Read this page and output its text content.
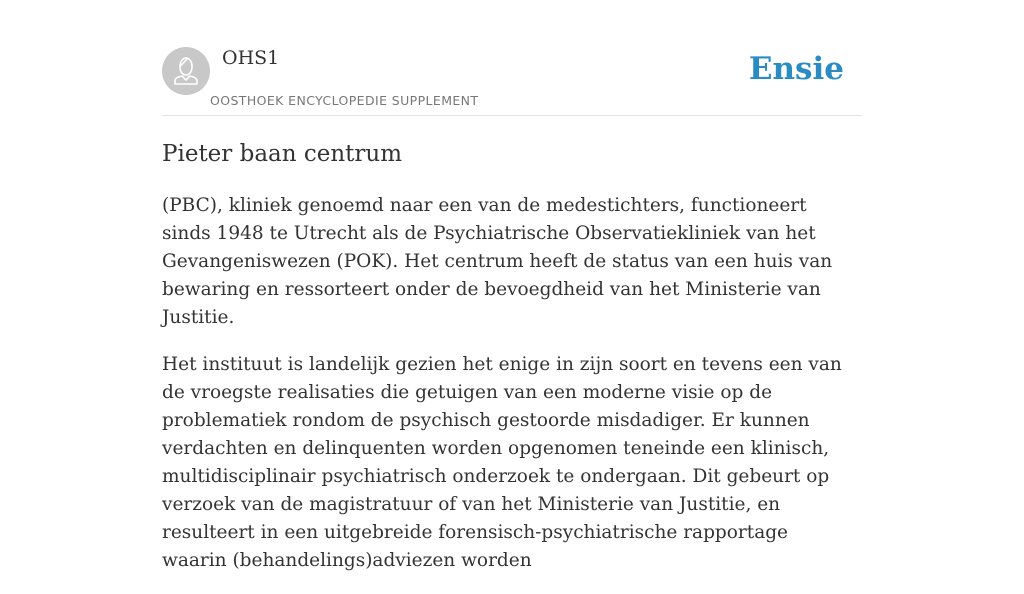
OHS1
OOSTHOEK ENCYCLOPEDIE SUPPLEMENT
Ensie
Pieter baan centrum

(PBC), kliniek genoemd naar een van de medestichters, functioneert sinds 1948 te Utrecht als de Psychiatrische Observatiekliniek van het Gevangeniswezen (POK). Het centrum heeft de status van een huis van bewaring en ressorteert onder de bevoegdheid van het Ministerie van Justitie.

Het instituut is landelijk gezien het enige in zijn soort en tevens een van de vroegste realisaties die getuigen van een moderne visie op de problematiek rondom de psychisch gestoorde misdadiger. Er kunnen verdachten en delinquenten worden opgenomen teneinde een klinisch, multidisciplinair psychiatrisch onderzoek te ondergaan. Dit gebeurt op verzoek van de magistratuur of van het Ministerie van Justitie, en resulteert in een uitgebreide forensisch-psychiatrische rapportage waarin (behandelings)adviezen worden
